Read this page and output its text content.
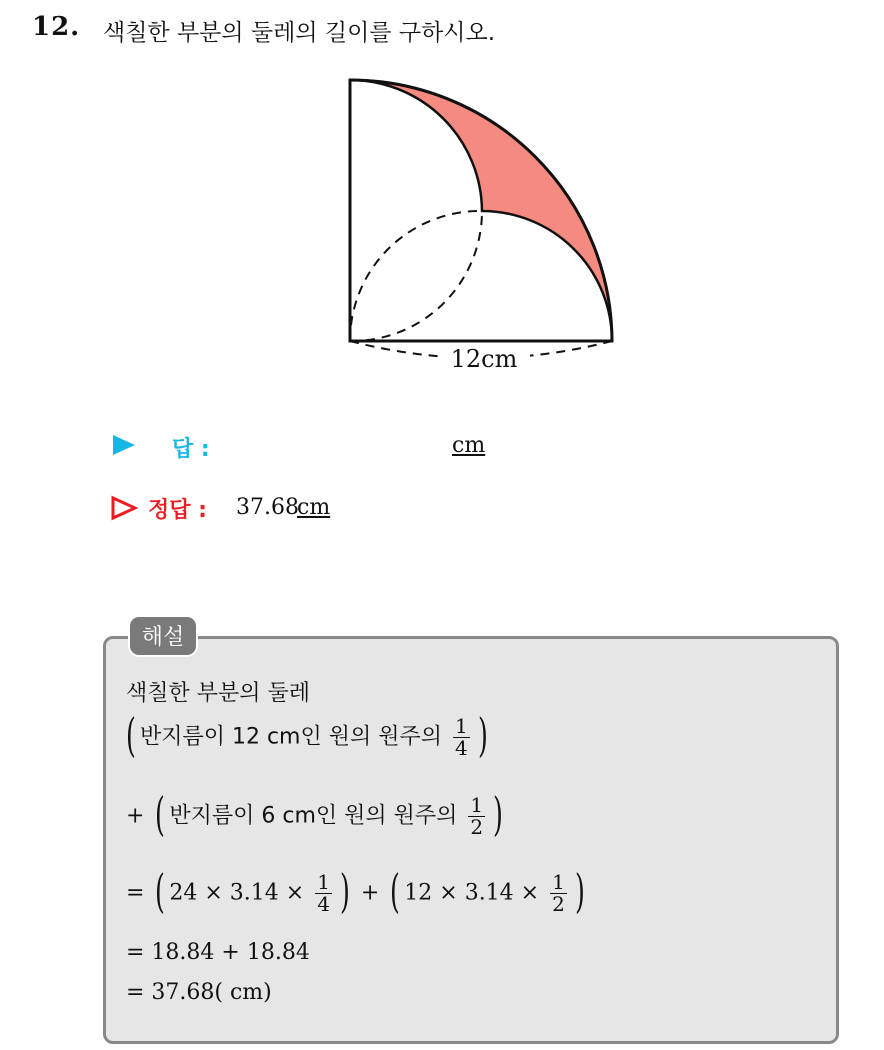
12. 색칠한 부분의 둘레의 길이를 구하시오.
12cm
답 :	cm
정답 : 37.68
cm
해설
색칠한 부분의 둘레
( 반지름이 12 cm인 원의 원주의 $\frac{1}{4}$ )
+ ( 반지름이 6 cm인 원의 원주의 $\frac{1}{2}$ )
= ( $24 \times 3.14 \times \frac{1}{4}$ ) + ( $12 \times 3.14 \times \frac{1}{2}$ )
= 18.84 + 18.84
= 37.68( cm)
